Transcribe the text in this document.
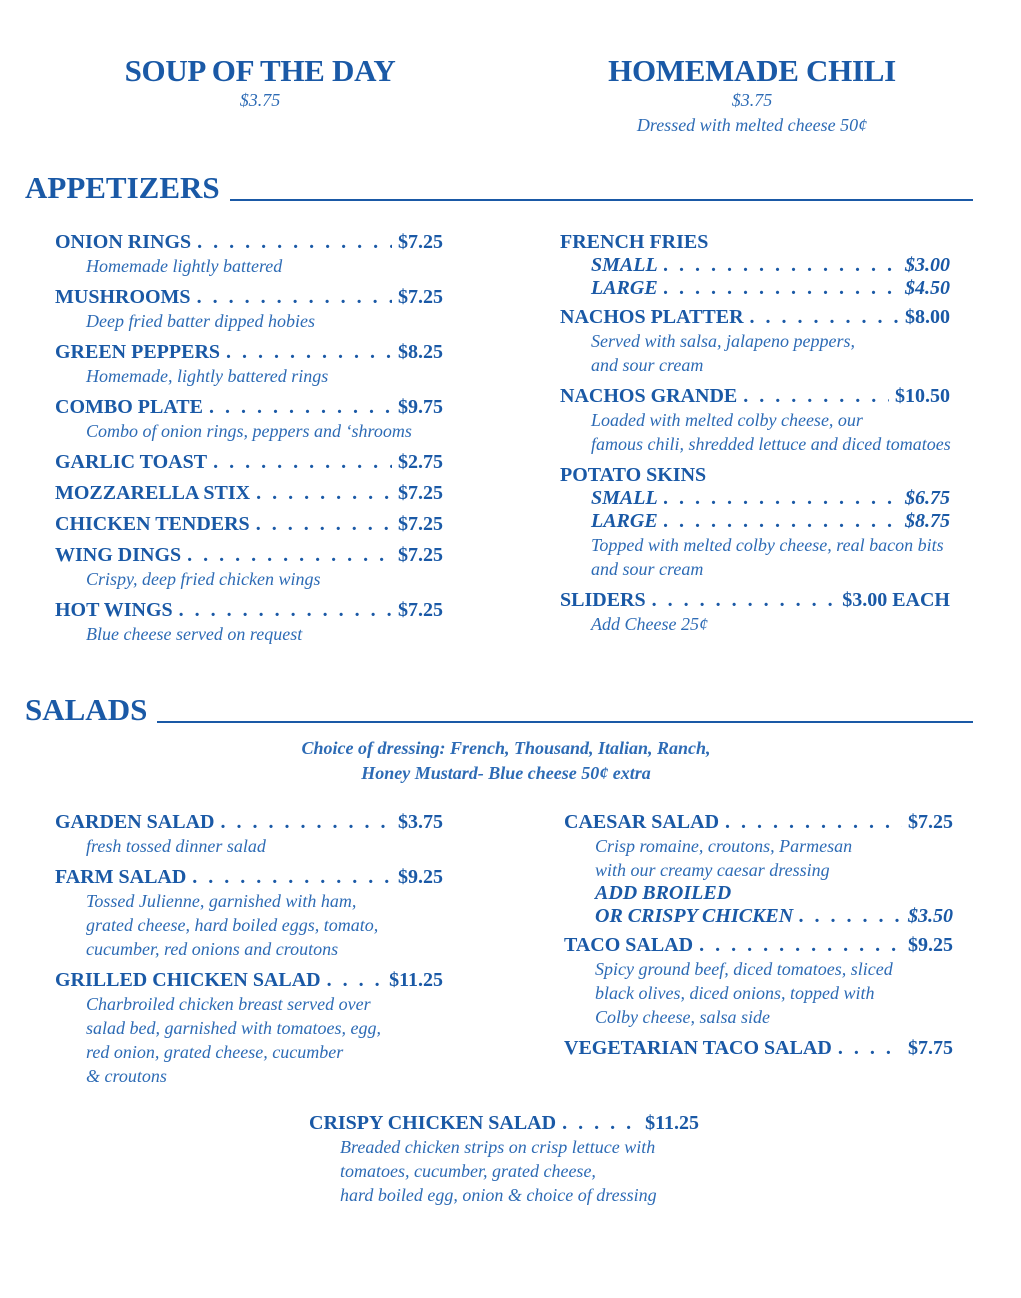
SOUP OF THE DAY
$3.75
HOMEMADE CHILI
$3.75
Dressed with melted cheese 50¢
APPETIZERS
ONION RINGS . . .	$7.25
Homemade lightly battered
MUSHROOMS . . .	$7.25
Deep fried batter dipped hobies
GREEN PEPPERS . . .	$8.25
Homemade, lightly battered rings
COMBO PLATE . . .	$9.75
Combo of onion rings, peppers and ‘shrooms
GARLIC TOAST . . .	$2.75
MOZZARELLA STIX . . .	$7.25
CHICKEN TENDERS . . .	$7.25
WING DINGS . . .	$7.25
Crispy, deep fried chicken wings
HOT WINGS . . .	$7.25
Blue cheese served on request
FRENCH FRIES
SMALL . . .	$3.00
LARGE . . .	$4.50
NACHOS PLATTER . . .	$8.00
Served with salsa, jalapeno peppers,
and sour cream
NACHOS GRANDE . . .	$10.50
Loaded with melted colby cheese, our
famous chili, shredded lettuce and diced tomatoes
POTATO SKINS
SMALL . . .	$6.75
LARGE . . .	$8.75
Topped with melted colby cheese, real bacon bits
and sour cream
SLIDERS . . .	$3.00 EACH
Add Cheese 25¢
SALADS
Choice of dressing: French, Thousand, Italian, Ranch,
Honey Mustard- Blue cheese 50¢ extra
GARDEN SALAD . . .	$3.75
fresh tossed dinner salad
FARM SALAD . . .	$9.25
Tossed Julienne, garnished with ham,
grated cheese, hard boiled eggs, tomato,
cucumber, red onions and croutons
GRILLED CHICKEN SALAD . . .	$11.25
Charbroiled chicken breast served over
salad bed, garnished with tomatoes, egg,
red onion, grated cheese, cucumber
& croutons
CAESAR SALAD . . .	$7.25
Crisp romaine, croutons, Parmesan
with our creamy caesar dressing
ADD BROILED
OR CRISPY CHICKEN . . .	$3.50
TACO SALAD . . .	$9.25
Spicy ground beef, diced tomatoes, sliced
black olives, diced onions, topped with
Colby cheese, salsa side
VEGETARIAN TACO SALAD . . .	$7.75
CRISPY CHICKEN SALAD . . .	$11.25
Breaded chicken strips on crisp lettuce with
tomatoes, cucumber, grated cheese,
hard boiled egg, onion & choice of dressing
